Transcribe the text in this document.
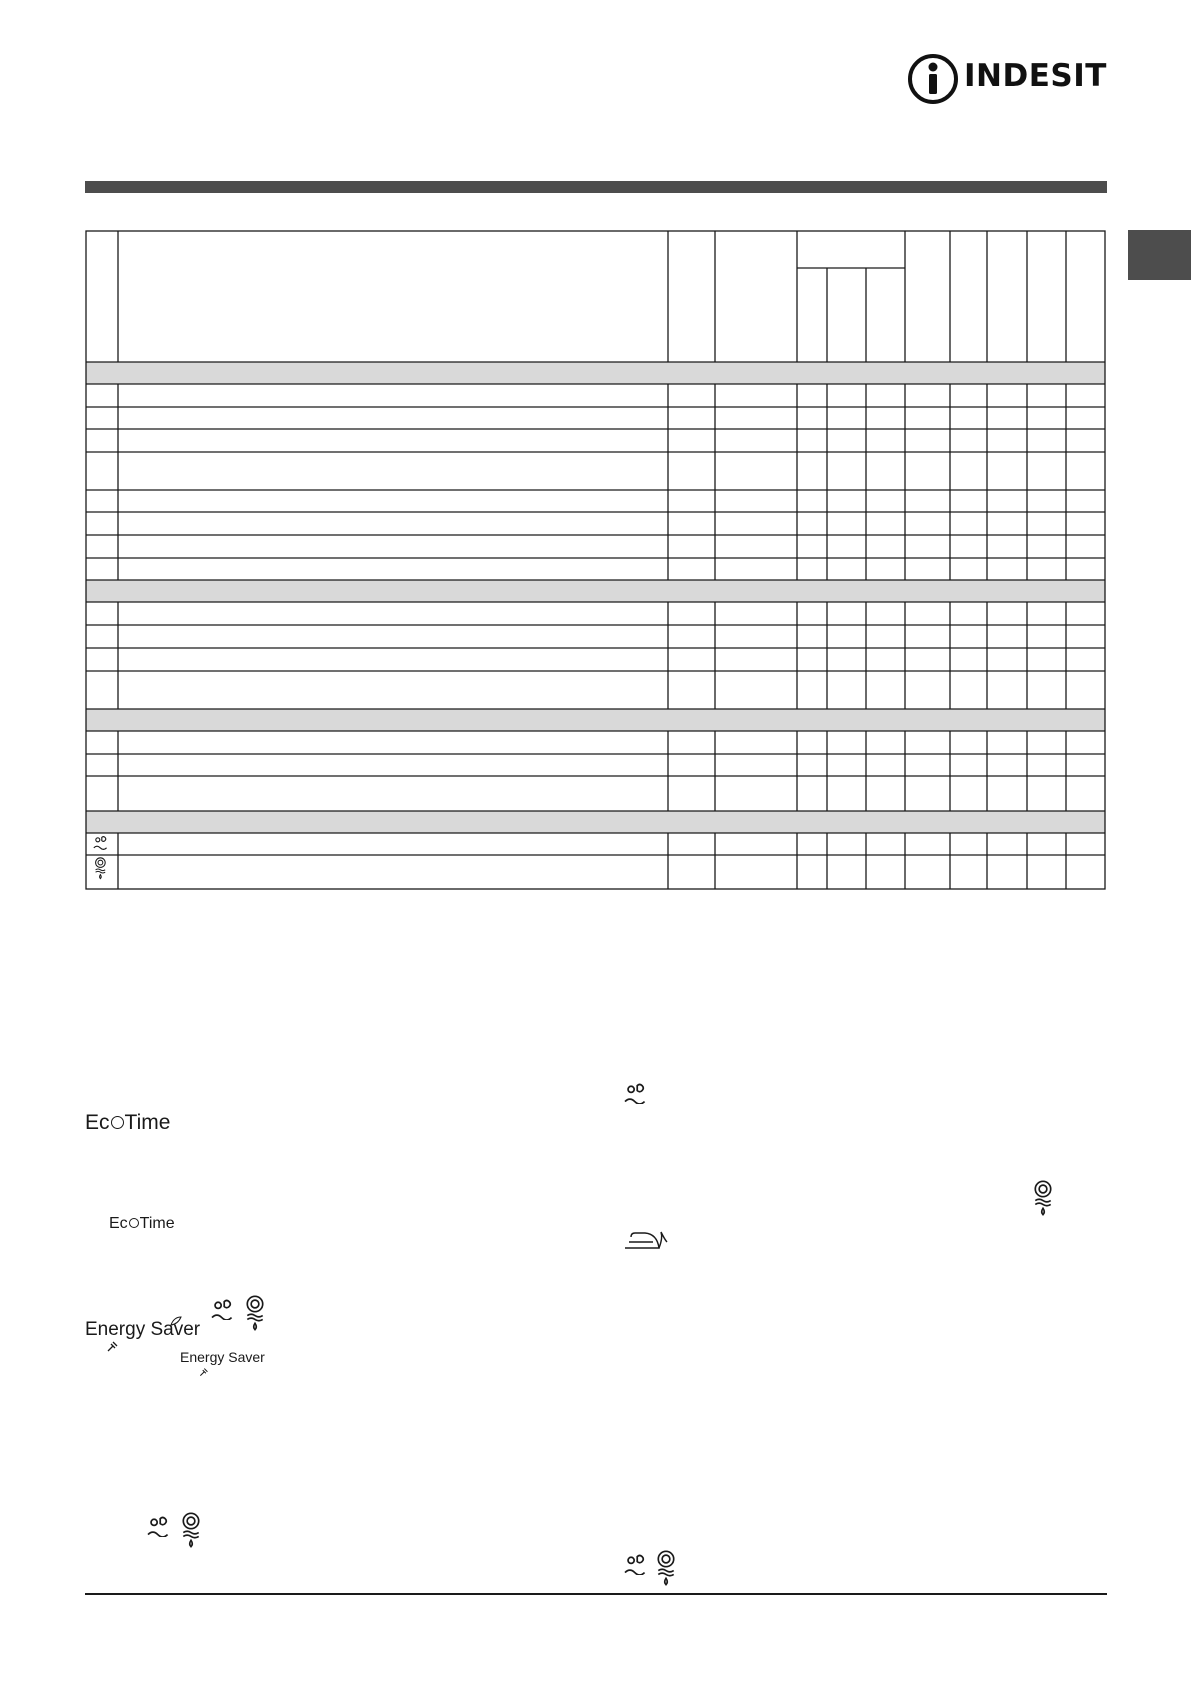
INDESIT
Ec Time
Ec Time
Energy Saver
Energy Saver
